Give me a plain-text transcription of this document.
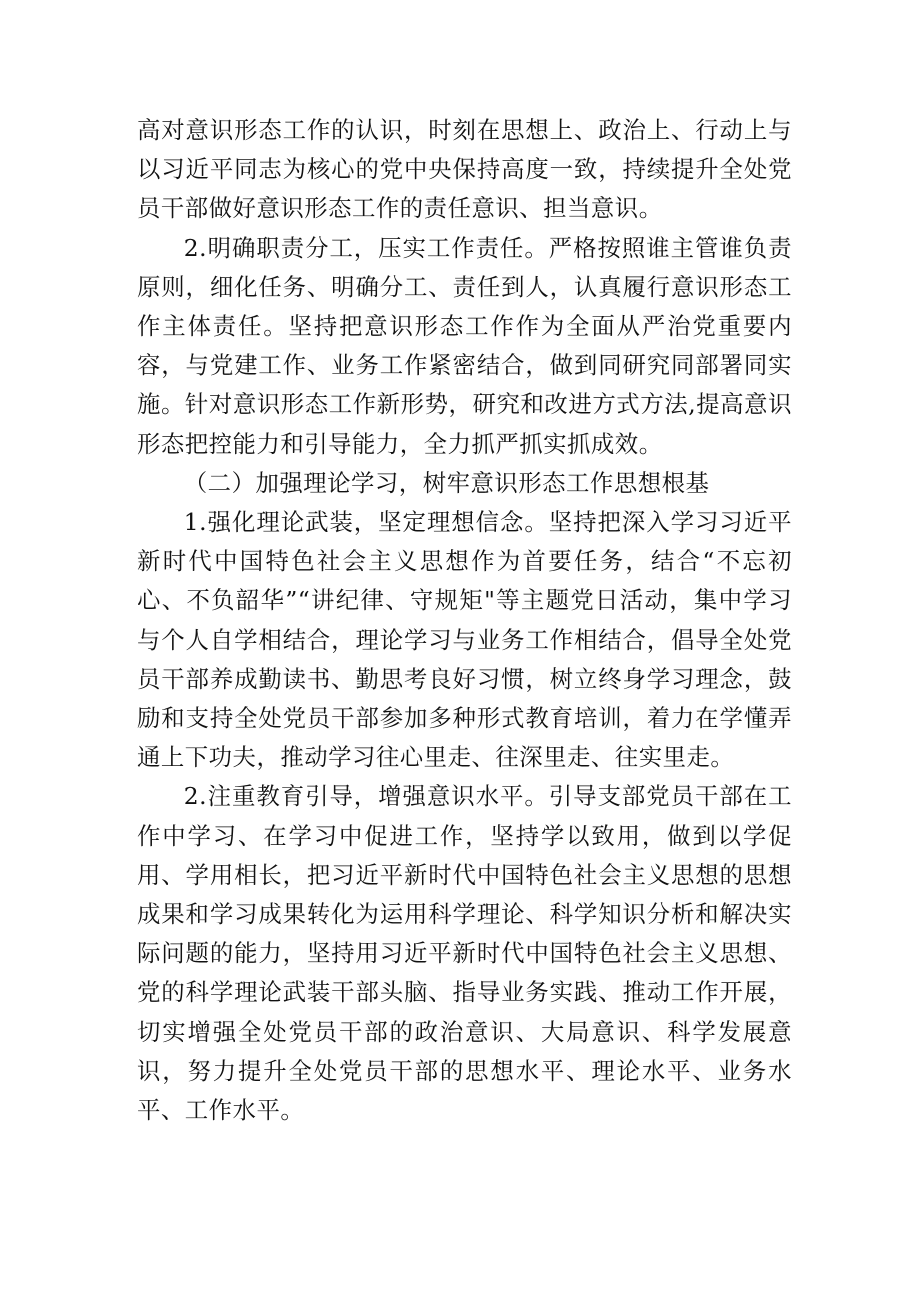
高对意识形态工作的认识，时刻在思想上、政治上、行动上与以习近平同志为核心的党中央保持高度一致，持续提升全处党员干部做好意识形态工作的责任意识、担当意识。

2.明确职责分工，压实工作责任。严格按照谁主管谁负责原则，细化任务、明确分工、责任到人，认真履行意识形态工作主体责任。坚持把意识形态工作作为全面从严治党重要内容，与党建工作、业务工作紧密结合，做到同研究同部署同实施。针对意识形态工作新形势，研究和改进方式方法,提高意识形态把控能力和引导能力，全力抓严抓实抓成效。

（二）加强理论学习，树牢意识形态工作思想根基

1.强化理论武装，坚定理想信念。坚持把深入学习习近平新时代中国特色社会主义思想作为首要任务，结合“不忘初心、不负韶华”“讲纪律、守规矩"等主题党日活动，集中学习与个人自学相结合，理论学习与业务工作相结合，倡导全处党员干部养成勤读书、勤思考良好习惯，树立终身学习理念，鼓励和支持全处党员干部参加多种形式教育培训，着力在学懂弄通上下功夫，推动学习往心里走、往深里走、往实里走。

2.注重教育引导，增强意识水平。引导支部党员干部在工作中学习、在学习中促进工作，坚持学以致用，做到以学促用、学用相长，把习近平新时代中国特色社会主义思想的思想成果和学习成果转化为运用科学理论、科学知识分析和解决实际问题的能力，坚持用习近平新时代中国特色社会主义思想、党的科学理论武装干部头脑、指导业务实践、推动工作开展，切实增强全处党员干部的政治意识、大局意识、科学发展意识，努力提升全处党员干部的思想水平、理论水平、业务水平、工作水平。
